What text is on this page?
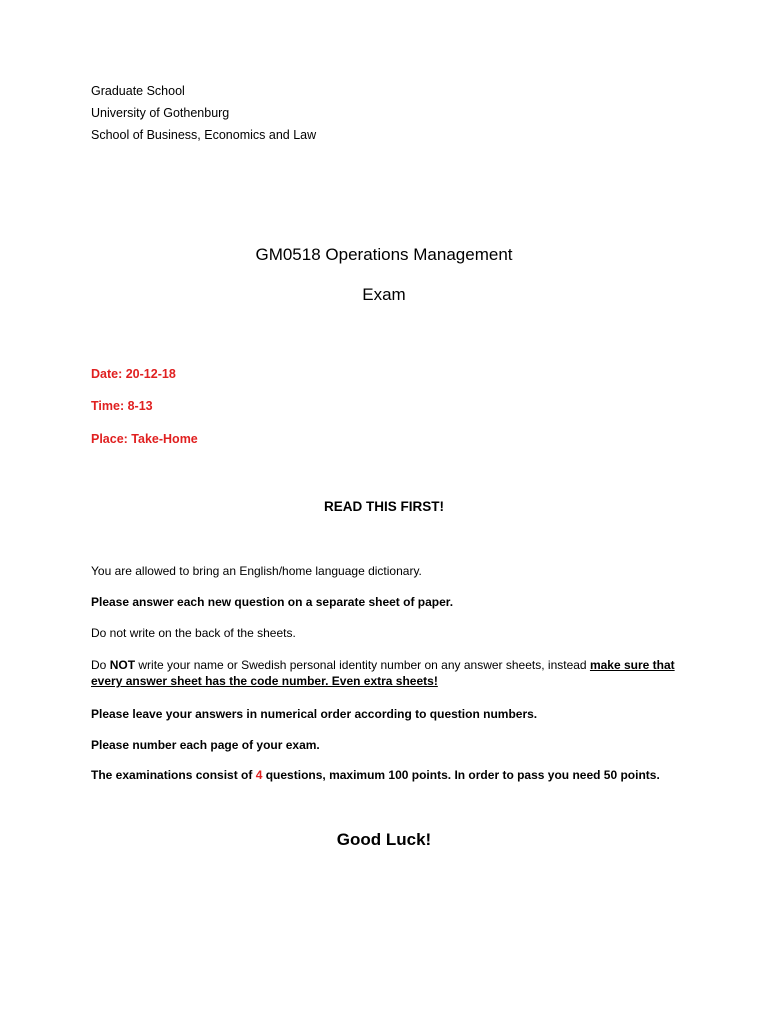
Graduate School
University of Gothenburg
School of Business, Economics and Law
GM0518 Operations Management
Exam
Date: 20-12-18
Time: 8-13
Place: Take-Home
READ THIS FIRST!
You are allowed to bring an English/home language dictionary.
Please answer each new question on a separate sheet of paper.
Do not write on the back of the sheets.
Do NOT write your name or Swedish personal identity number on any answer sheets, instead make sure that every answer sheet has the code number. Even extra sheets!
Please leave your answers in numerical order according to question numbers.
Please number each page of your exam.
The examinations consist of 4 questions, maximum 100 points. In order to pass you need 50 points.
Good Luck!
